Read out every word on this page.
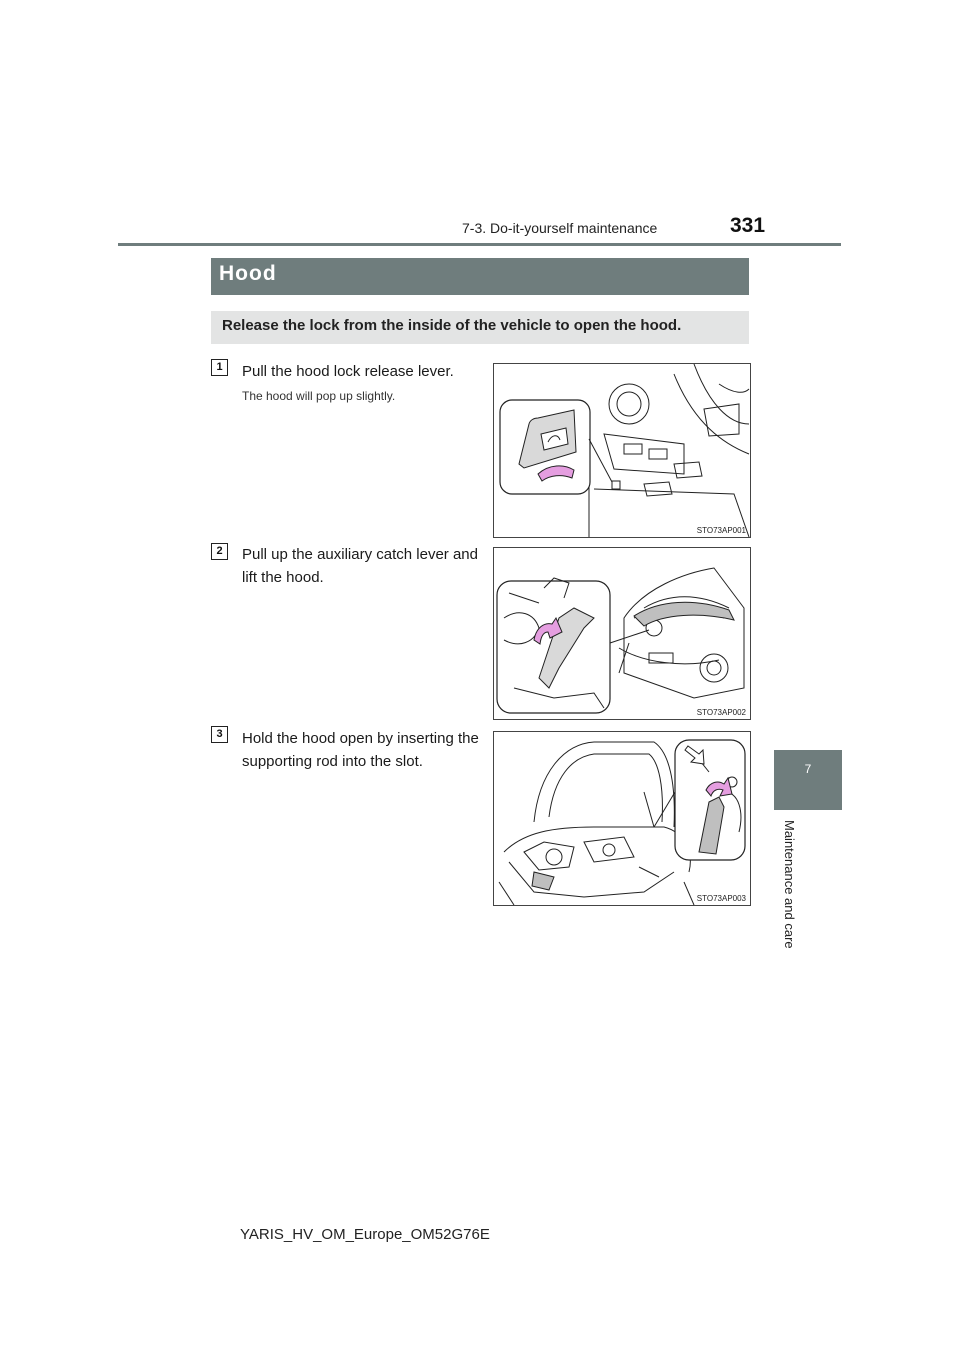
7-3. Do-it-yourself maintenance	331
7
Maintenance and care
Hood
Release the lock from the inside of the vehicle to open the hood.
1	Pull the hood lock release lever.
The hood will pop up slightly.
STO73AP001
2	Pull up the auxiliary catch lever and lift the hood.
STO73AP002
3	Hold the hood open by inserting the supporting rod into the slot.
STO73AP003
YARIS_HV_OM_Europe_OM52G76E
